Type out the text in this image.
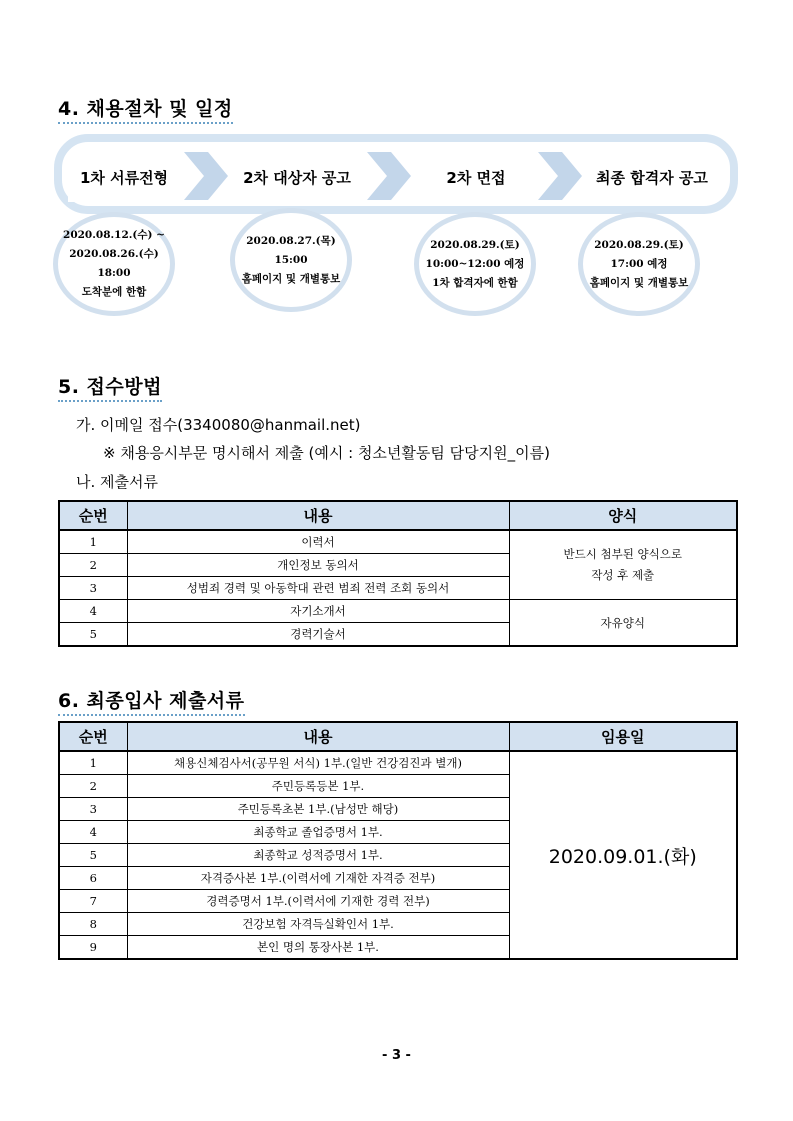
4. 채용절차 및 일정
1차 서류전형	2차 대상자 공고	2차 면접	최종 합격자 공고
2020.08.12.(수) ~
2020.08.26.(수) 18:00
도착분에 한함
2020.08.27.(목)
15:00
홈페이지 및 개별통보
2020.08.29.(토)
10:00~12:00 예정
1차 합격자에 한함
2020.08.29.(토)
17:00 예정
홈페이지 및 개별통보
5. 접수방법

가. 이메일 접수(3340080@hanmail.net)

※ 채용응시부문 명시해서 제출 (예시 : 청소년활동팀 담당지원_이름)

나. 제출서류

순번	내용	양식
1	이력서	반드시 첨부된 양식으로
작성 후 제출

2	개인정보 동의서	
3	성범죄 경력 및 아동학대 관련 범죄 전력 조회 동의서	
4	자기소개서	자유양식
5	경력기술서	
6. 최종입사 제출서류
순번	내용	임용일
1	채용신체검사서(공무원 서식) 1부.(일반 건강검진과 별개)	2020.09.01.(화)
2	주민등록등본 1부.	
3	주민등록초본 1부.(남성만 해당)	
4	최종학교 졸업증명서 1부.	
5	최종학교 성적증명서 1부.	
6	자격증사본 1부.(이력서에 기재한 자격증 전부)	
7	경력증명서 1부.(이력서에 기재한 경력 전부)	
8	건강보험 자격득실확인서 1부.	
9	본인 명의 통장사본 1부.	
- 3 -
